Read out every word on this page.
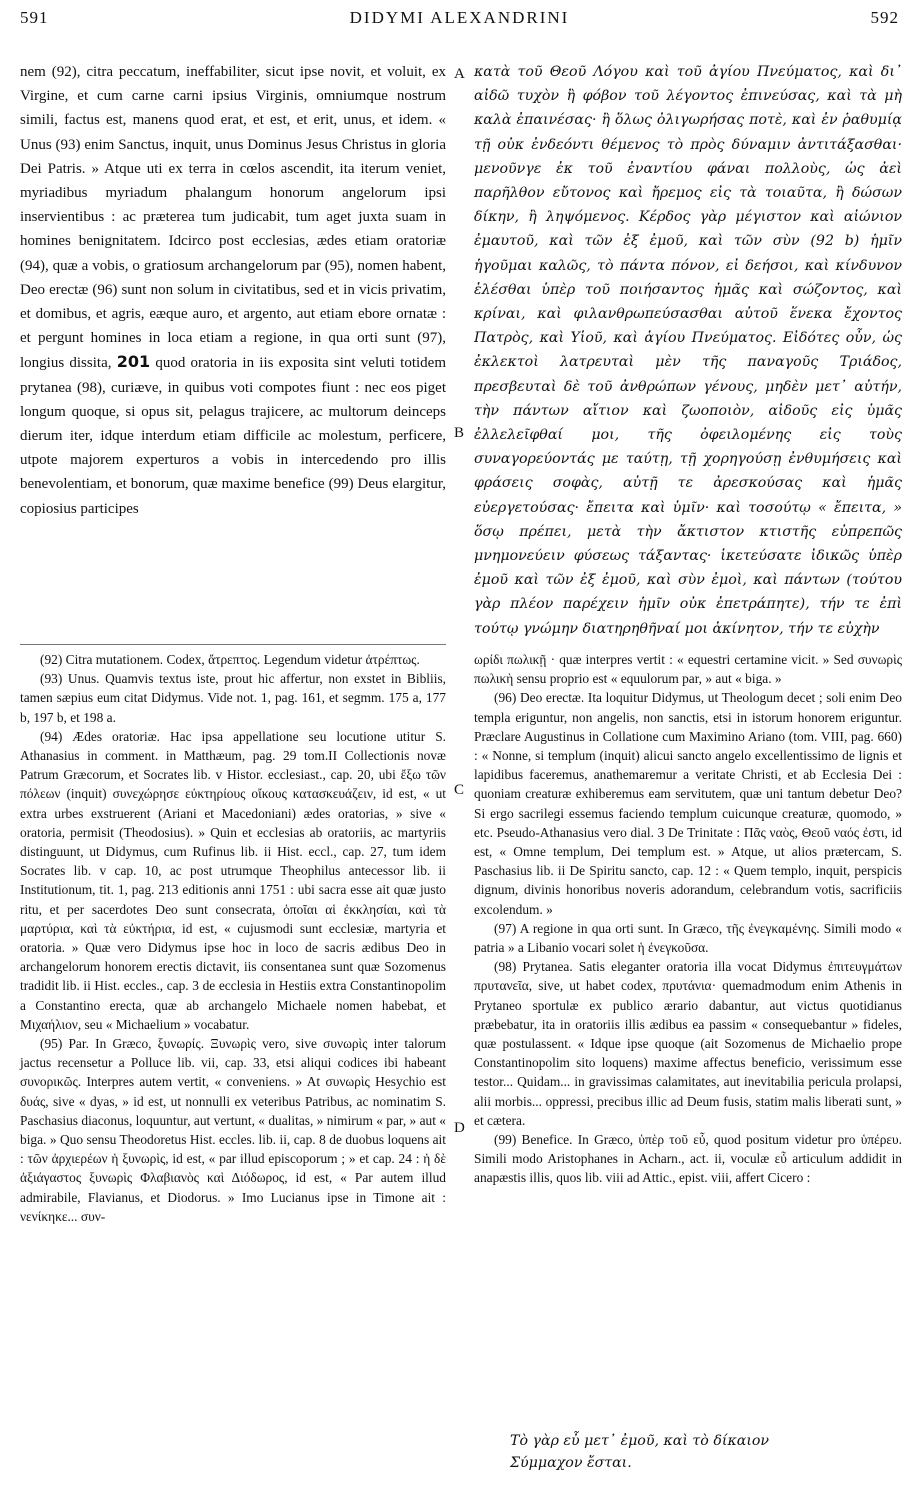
591	DIDYMI ALEXANDRINI	592

nem (92), citra peccatum, ineffabiliter, sicut ipse novit, et voluit, ex Virgine, et cum carne carni ipsius Virginis, omniumque nostrum simili, factus est, manens quod erat, et est, et erit, unus, et idem. « Unus (93) enim Sanctus, inquit, unus Dominus Jesus Christus in gloria Dei Patris. » Atque uti ex terra in cœlos ascendit, ita iterum veniet, myriadibus myriadum phalangum honorum angelorum ipsi inservientibus : ac præterea tum judicabit, tum aget juxta suam in homines benignitatem. Idcirco post ecclesias, ædes etiam oratoriæ (94), quæ a vobis, o gratiosum archangelorum par (95), nomen habent, Deo erectæ (96) sunt non solum in civitatibus, sed et in vicis privatim, et domibus, et agris, eæque auro, et argento, aut etiam ebore ornatæ : et pergunt homines in loca etiam a regione, in qua orti sunt (97), longius dissita, 201 quod oratoria in iis exposita sint veluti totidem prytanea (98), curiæve, in quibus voti compotes fiunt : nec eos piget longum quoque, si opus sit, pelagus trajicere, ac multorum deinceps dierum iter, idque interdum etiam difficile ac molestum, perficere, utpote majorem experturos a vobis in intercedendo pro illis benevolentiam, et bonorum, quæ maxime benefice (99) Deus elargitur, copiosius participes

A
B
C
D

κατὰ τοῦ Θεοῦ Λόγου καὶ τοῦ ἁγίου Πνεύματος, καὶ δι᾽ αἰδῶ τυχὸν ἢ φόβον τοῦ λέγοντος ἐπινεύσας, καὶ τὰ μὴ καλὰ ἐπαινέσας· ἢ ὅλως ὀλιγωρήσας ποτὲ, καὶ ἐν ῥαθυμίᾳ τῇ οὐκ ἐνδεόντι θέμενος τὸ πρὸς δύναμιν ἀντιτάξασθαι· μενοῦνγε ἐκ τοῦ ἐναντίου φάναι πολλοὺς, ὡς ἀεὶ παρῆλθον εὔτονος καὶ ἤρεμος εἰς τὰ τοιαῦτα, ἢ δώσων δίκην, ἢ ληψόμενος. Κέρδος γὰρ μέγιστον καὶ αἰώνιον ἐμαυτοῦ, καὶ τῶν ἐξ ἐμοῦ, καὶ τῶν σὺν (92 b) ἡμῖν ἡγοῦμαι καλῶς, τὸ πάντα πόνον, εἰ δεήσοι, καὶ κίνδυνον ἑλέσθαι ὑπὲρ τοῦ ποιήσαντος ἡμᾶς καὶ σώζοντος, καὶ κρίναι, καὶ φιλανθρωπεύσασθαι αὐτοῦ ἕνεκα ἔχοντος Πατρὸς, καὶ Υἱοῦ, καὶ ἁγίου Πνεύματος. Εἰδότες οὖν, ὡς ἐκλεκτοὶ λατρευταὶ μὲν τῆς παναγοῦς Τριάδος, πρεσβευταὶ δὲ τοῦ ἀνθρώπων γένους, μηδὲν μετ᾽ αὐτήν, τὴν πάντων αἴτιον καὶ ζωοποιὸν, αἰδοῦς εἰς ὑμᾶς ἐλλελεῖφθαί μοι, τῆς ὀφειλομένης εἰς τοὺς συναγορεύοντάς με ταύτῃ, τῇ χορηγούσῃ ἐνθυμήσεις καὶ φράσεις σοφὰς, αὐτῇ τε ἀρεσκούσας καὶ ἡμᾶς εὐεργετούσας· ἔπειτα καὶ ὑμῖν· καὶ τοσούτῳ « ἔπειτα, » ὅσῳ πρέπει, μετὰ τὴν ἄκτιστον κτιστῆς εὐπρεπῶς μνημονεύειν φύσεως τάξαντας· ἱκετεύσατε ἰδικῶς ὑπὲρ ἐμοῦ καὶ τῶν ἐξ ἐμοῦ, καὶ σὺν ἐμοὶ, καὶ πάντων (τούτου γὰρ πλέον παρέχειν ἡμῖν οὐκ ἐπετράπητε), τήν τε ἐπὶ τούτῳ γνώμην διατηρηθῆναί μοι ἀκίνητον, τήν τε εὐχὴν

(92) Citra mutationem. Codex, ἄτρεπτος. Legendum videtur ἀτρέπτως.

(93) Unus. Quamvis textus iste, prout hic affertur, non exstet in Bibliis, tamen sæpius eum citat Didymus. Vide not. 1, pag. 161, et segmm. 175 a, 177 b, 197 b, et 198 a.

(94) Ædes oratoriæ. Hac ipsa appellatione seu locutione utitur S. Athanasius in comment. in Matthæum, pag. 29 tom.II Collectionis novæ Patrum Græcorum, et Socrates lib. v Histor. ecclesiast., cap. 20, ubi ἔξω τῶν πόλεων (inquit) συνεχώρησε εὐκτηρίους οἴκους κατασκευάζειν, id est, « ut extra urbes exstruerent (Ariani et Macedoniani) ædes oratorias, » sive « oratoria, permisit (Theodosius). » Quin et ecclesias ab oratoriis, ac martyriis distinguunt, ut Didymus, cum Rufinus lib. ii Hist. eccl., cap. 27, tum idem Socrates lib. v cap. 10, ac post utrumque Theophilus antecessor lib. ii Institutionum, tit. 1, pag. 213 editionis anni 1751 : ubi sacra esse ait quæ justo ritu, et per sacerdotes Deo sunt consecrata, ὁποῖαι αἱ ἐκκλησίαι, καὶ τὰ μαρτύρια, καὶ τὰ εὐκτήρια, id est, « cujusmodi sunt ecclesiæ, martyria et oratoria. » Quæ vero Didymus ipse hoc in loco de sacris ædibus Deo in archangelorum honorem erectis dictavit, iis consentanea sunt quæ Sozomenus tradidit lib. ii Hist. eccles., cap. 3 de ecclesia in Hestiis extra Constantinopolim a Constantino erecta, quæ ab archangelo Michaele nomen habebat, et Μιχαήλιον, seu « Michaelium » vocabatur.

(95) Par. In Græco, ξυνωρίς. Ξυνωρὶς vero, sive συνωρὶς inter talorum jactus recensetur a Polluce lib. vii, cap. 33, etsi aliqui codices ibi habeant συνορικῶς. Interpres autem vertit, « conveniens. » At συνωρὶς Hesychio est δυάς, sive « dyas, » id est, ut nonnulli ex veteribus Patribus, ac nominatim S. Paschasius diaconus, loquuntur, aut vertunt, « dualitas, » nimirum « par, » aut « biga. » Quo sensu Theodoretus Hist. eccles. lib. ii, cap. 8 de duobus loquens ait : τῶν ἀρχιερέων ἡ ξυνωρὶς, id est, « par illud episcoporum ; » et cap. 24 : ἡ δὲ ἀξιάγαστος ξυνωρὶς Φλαβιανὸς καὶ Διόδωρος, id est, « Par autem illud admirabile, Flavianus, et Diodorus. » Imo Lucianus ipse in Timone ait : νενίκηκε... συν-

ωρίδι πωλικῇ · quæ interpres vertit : « equestri certamine vicit. » Sed συνωρὶς πωλικὴ sensu proprio est « equulorum par, » aut « biga. »

(96) Deo erectæ. Ita loquitur Didymus, ut Theologum decet ; soli enim Deo templa eriguntur, non angelis, non sanctis, etsi in istorum honorem eriguntur. Præclare Augustinus in Collatione cum Maximino Ariano (tom. VIII, pag. 660) : « Nonne, si templum (inquit) alicui sancto angelo excellentissimo de lignis et lapidibus faceremus, anathemaremur a veritate Christi, et ab Ecclesia Dei : quoniam creaturæ exhiberemus eam servitutem, quæ uni tantum debetur Deo? Si ergo sacrilegi essemus faciendo templum cuicunque creaturæ, quomodo, » etc. Pseudo-Athanasius vero dial. 3 De Trinitate : Πᾶς ναὸς, Θεοῦ ναός ἐστι, id est, « Omne templum, Dei templum est. » Atque, ut alios prætercam, S. Paschasius lib. ii De Spiritu sancto, cap. 12 : « Quem templo, inquit, perspicis dignum, divinis honoribus noveris adorandum, celebrandum votis, sacrificiis excolendum. »

(97) A regione in qua orti sunt. In Græco, τῆς ἐνεγκαμένης. Simili modo « patria » a Libanio vocari solet ἡ ἐνεγκοῦσα.

(98) Prytanea. Satis eleganter oratoria illa vocat Didymus ἐπιτευγμάτων πρυτανεῖα, sive, ut habet codex, πρυτάνια· quemadmodum enim Athenis in Prytaneo sportulæ ex publico ærario dabantur, aut victus quotidianus præbebatur, ita in oratoriis illis ædibus ea passim « consequebantur » fideles, quæ postulassent. « Idque ipse quoque (ait Sozomenus de Michaelio prope Constantinopolim sito loquens) maxime affectus beneficio, verissimum esse testor... Quidam... in gravissimas calamitates, aut inevitabilia pericula prolapsi, alii morbis... oppressi, precibus illic ad Deum fusis, statim malis liberati sunt, » et cætera.

(99) Benefice. In Græco, ὑπὲρ τοῦ εὖ, quod positum videtur pro ὑπέρευ. Simili modo Aristophanes in Acharn., act. ii, voculæ εὖ articulum addidit in anapæstis illis, quos lib. viii ad Attic., epist. viii, affert Cicero :

Τὸ γὰρ εὖ μετ᾽ ἐμοῦ, καὶ τὸ δίκαιον
Σύμμαχον ἔσται.
